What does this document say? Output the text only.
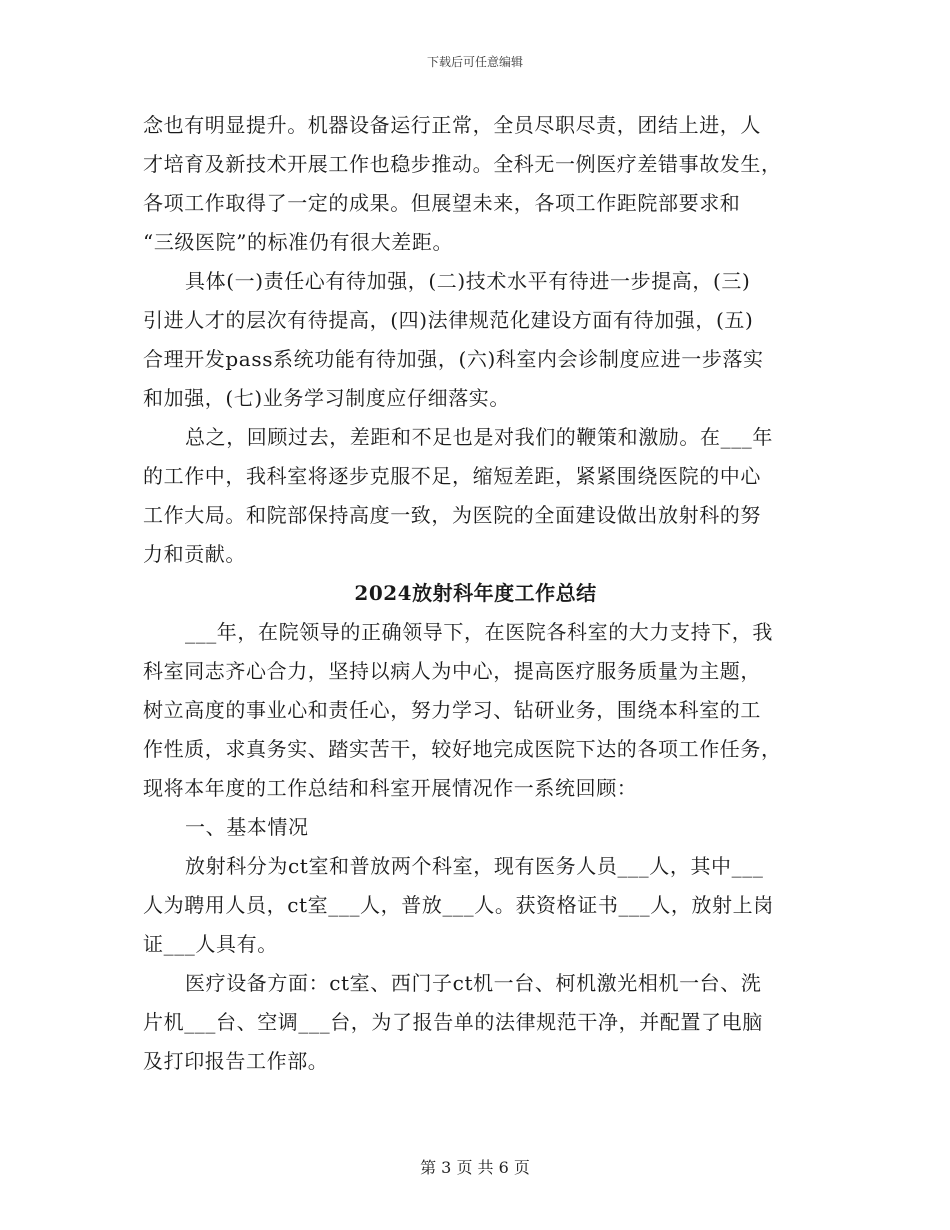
下载后可任意编辑
念也有明显提升。机器设备运行正常，全员尽职尽责，团结上进，人
才培育及新技术开展工作也稳步推动。全科无一例医疗差错事故发生，
各项工作取得了一定的成果。但展望未来，各项工作距院部要求和
“三级医院”的标准仍有很大差距。
具体(一)责任心有待加强，(二)技术水平有待进一步提高，(三)
引进人才的层次有待提高，(四)法律规范化建设方面有待加强，(五)
合理开发pass系统功能有待加强，(六)科室内会诊制度应进一步落实
和加强，(七)业务学习制度应仔细落实。
总之，回顾过去，差距和不足也是对我们的鞭策和激励。在___年
的工作中，我科室将逐步克服不足，缩短差距，紧紧围绕医院的中心
工作大局。和院部保持高度一致，为医院的全面建设做出放射科的努
力和贡献。
2024放射科年度工作总结
___年，在院领导的正确领导下，在医院各科室的大力支持下，我
科室同志齐心合力，坚持以病人为中心，提高医疗服务质量为主题，
树立高度的事业心和责任心，努力学习、钻研业务，围绕本科室的工
作性质，求真务实、踏实苦干，较好地完成医院下达的各项工作任务，
现将本年度的工作总结和科室开展情况作一系统回顾：
一、基本情况
放射科分为ct室和普放两个科室，现有医务人员___人，其中___
人为聘用人员，ct室___人，普放___人。获资格证书___人，放射上岗
证___人具有。
医疗设备方面：ct室、西门子ct机一台、柯机激光相机一台、洗
片机___台、空调___台，为了报告单的法律规范干净，并配置了电脑
及打印报告工作部。
第 3 页 共 6 页
